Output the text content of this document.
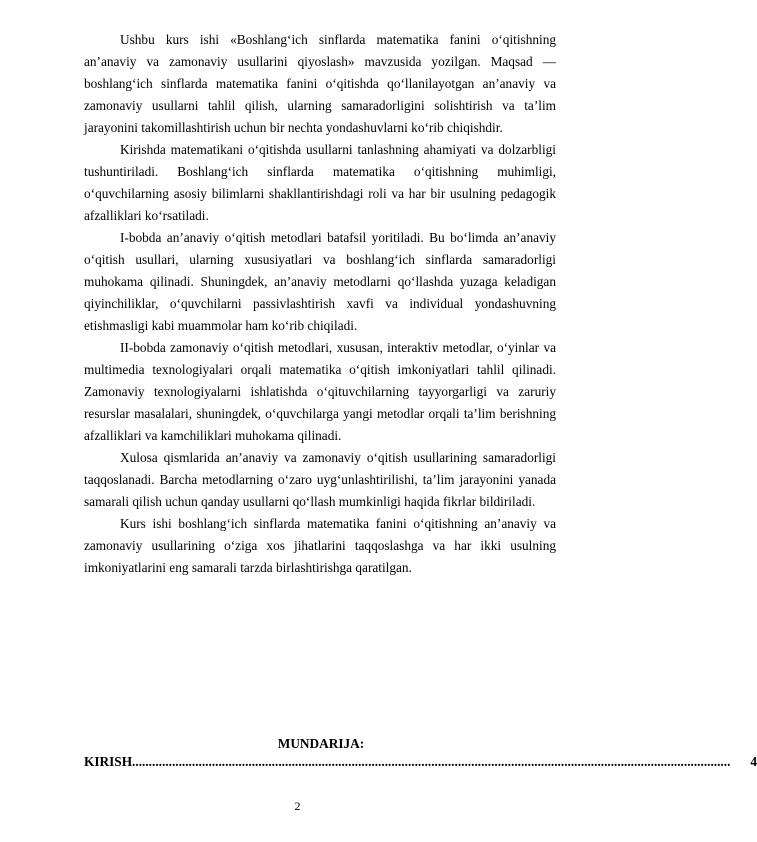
Ushbu kurs ishi «Boshlang‘ich sinflarda matematika fanini o‘qitishning an’anaviy va zamonaviy usullarini qiyoslash» mavzusida yozilgan. Maqsad — boshlang‘ich sinflarda matematika fanini o‘qitishda qo‘llanilayotgan an’anaviy va zamonaviy usullarni tahlil qilish, ularning samaradorligini solishtirish va ta’lim jarayonini takomillashtirish uchun bir nechta yondashuvlarni ko‘rib chiqishdir.

Kirishda matematikani o‘qitishda usullarni tanlashning ahamiyati va dolzarbligi tushuntiriladi. Boshlang‘ich sinflarda matematika o‘qitishning muhimligi, o‘quvchilarning asosiy bilimlarni shakllantirishdagi roli va har bir usulning pedagogik afzalliklari ko‘rsatiladi.

I-bobda an’anaviy o‘qitish metodlari batafsil yoritiladi. Bu bo‘limda an’anaviy o‘qitish usullari, ularning xususiyatlari va boshlang‘ich sinflarda samaradorligi muhokama qilinadi. Shuningdek, an’anaviy metodlarni qo‘llashda yuzaga keladigan qiyinchiliklar, o‘quvchilarni passivlashtirish xavfi va individual yondashuvning etishmasligi kabi muammolar ham ko‘rib chiqiladi.

II-bobda zamonaviy o‘qitish metodlari, xususan, interaktiv metodlar, o‘yinlar va multimedia texnologiyalari orqali matematika o‘qitish imkoniyatlari tahlil qilinadi. Zamonaviy texnologiyalarni ishlatishda o‘qituvchilarning tayyorgarligi va zaruriy resurslar masalalari, shuningdek, o‘quvchilarga yangi metodlar orqali ta’lim berishning afzalliklari va kamchiliklari muhokama qilinadi.

Xulosa qismlarida an’anaviy va zamonaviy o‘qitish usullarining samaradorligi taqqoslanadi. Barcha metodlarning o‘zaro uyg‘unlashtirilishi, ta’lim jarayonini yanada samarali qilish uchun qanday usullarni qo‘llash mumkinligi haqida fikrlar bildiriladi.

Kurs ishi boshlang‘ich sinflarda matematika fanini o‘qitishning an’anaviy va zamonaviy usullarining o‘ziga xos jihatlarini taqqoslashga va har ikki usulning imkoniyatlarini eng samarali tarzda birlashtirishga qaratilgan.

MUNDARIJA:
KIRISH ....................................................................................................................................................................................	4
2
